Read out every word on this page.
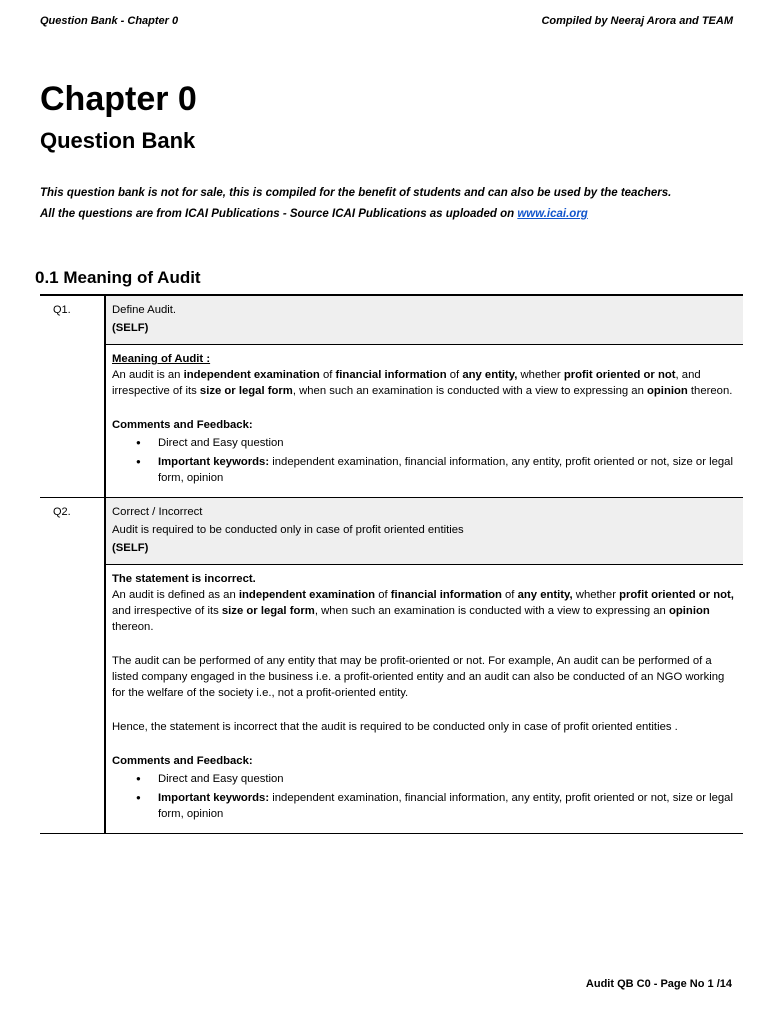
Question Bank - Chapter 0	Compiled by Neeraj Arora and TEAM
Chapter 0
Question Bank
This question bank is not for sale, this is compiled for the benefit of students and can also be used by the teachers.
All the questions are from ICAI Publications - Source ICAI Publications as uploaded on www.icai.org
0.1 Meaning of Audit
Q1.	Define Audit.

(SELF)

Meaning of Audit :

An audit is an independent examination of financial information of any entity, whether profit oriented or not, and irrespective of its size or legal form, when such an examination is conducted with a view to expressing an opinion thereon.

Comments and Feedback:

● Direct and Easy question
● Important keywords: independent examination, financial information, any entity, profit oriented or not, size or legal form, opinion
Q2.	Correct / Incorrect

Audit is required to be conducted only in case of profit oriented entities

(SELF)

The statement is incorrect.

An audit is defined as an independent examination of financial information of any entity, whether profit oriented or not, and irrespective of its size or legal form, when such an examination is conducted with a view to expressing an opinion thereon.

The audit can be performed of any entity that may be profit-oriented or not. For example, An audit can be performed of a listed company engaged in the business i.e. a profit-oriented entity and an audit can also be conducted of an NGO working for the welfare of the society i.e., not a profit-oriented entity.

Hence, the statement is incorrect that the audit is required to be conducted only in case of profit oriented entities .

Comments and Feedback:

● Direct and Easy question
● Important keywords: independent examination, financial information, any entity, profit oriented or not, size or legal form, opinion
Audit QB C0 - Page No 1 /14
